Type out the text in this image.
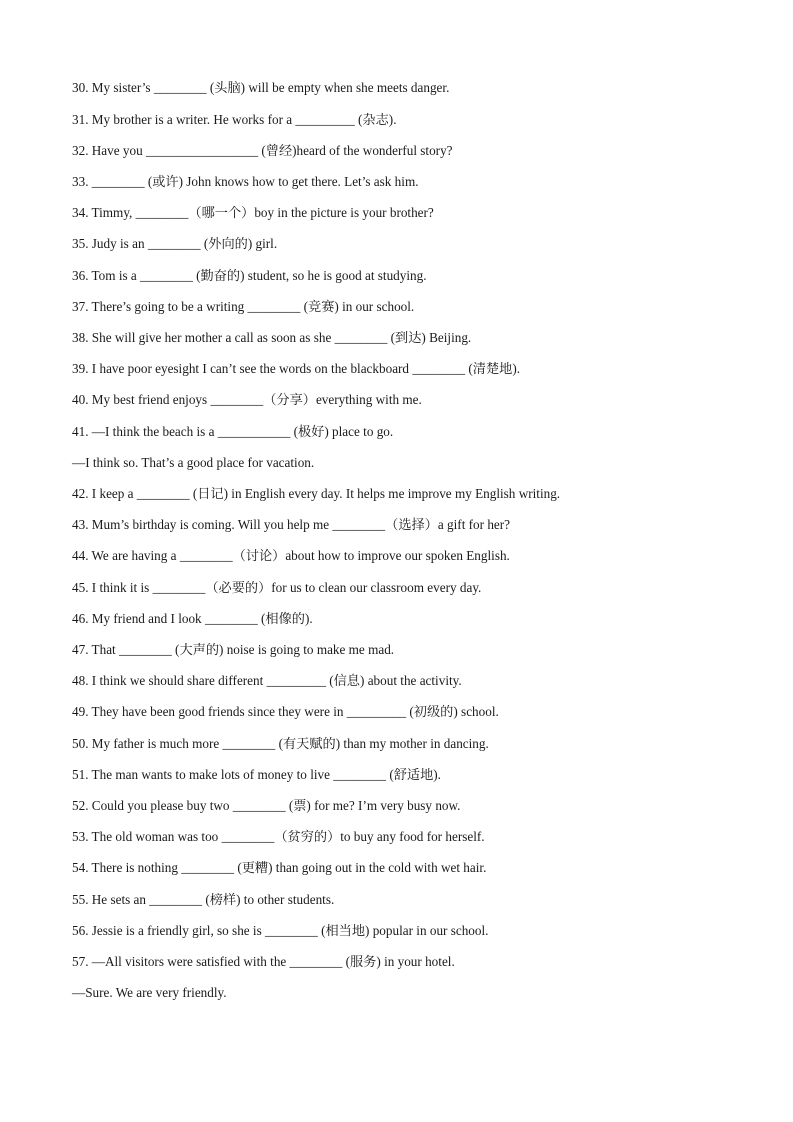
30. My sister’s ________ (头脑) will be empty when she meets danger.
31. My brother is a writer. He works for a _________ (杂志).
32. Have you _________________ (曾经)heard of the wonderful story?
33. ________ (或许) John knows how to get there. Let’s ask him.
34. Timmy, ________（哪一个）boy in the picture is your brother?
35. Judy is an ________ (外向的) girl.
36. Tom is a ________ (勤奋的) student, so he is good at studying.
37. There’s going to be a writing ________ (竞赛) in our school.
38. She will give her mother a call as soon as she ________ (到达) Beijing.
39. I have poor eyesight I can’t see the words on the blackboard ________ (清楚地).
40. My best friend enjoys ________（分享）everything with me.
41. —I think the beach is a ___________ (极好) place to go.
—I think so. That’s a good place for vacation.
42. I keep a ________ (日记) in English every day. It helps me improve my English writing.
43. Mum’s birthday is coming. Will you help me ________（选择）a gift for her?
44. We are having a ________（讨论）about how to improve our spoken English.
45. I think it is ________（必要的）for us to clean our classroom every day.
46. My friend and I look ________ (相像的).
47. That ________ (大声的) noise is going to make me mad.
48. I think we should share different _________ (信息) about the activity.
49. They have been good friends since they were in _________ (初级的) school.
50. My father is much more ________ (有天赋的) than my mother in dancing.
51. The man wants to make lots of money to live ________ (舒适地).
52. Could you please buy two ________ (票) for me? I’m very busy now.
53. The old woman was too ________（贫穷的）to buy any food for herself.
54. There is nothing ________ (更糟) than going out in the cold with wet hair.
55. He sets an ________ (榜样) to other students.
56. Jessie is a friendly girl, so she is ________ (相当地) popular in our school.
57. —All visitors were satisfied with the ________ (服务) in your hotel.
—Sure. We are very friendly.
